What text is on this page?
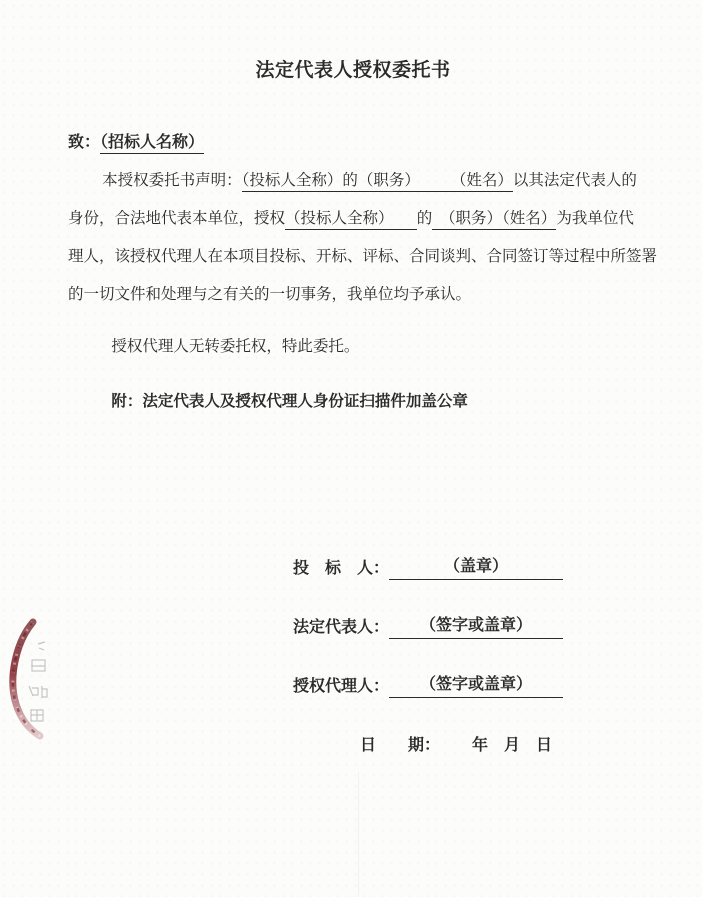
法定代表人授权委托书
致：（招标人名称）
本授权委托书声明：（投标人全称）的（职务）　　　（姓名）以其法定代表人的
身份，合法地代表本单位，授权（投标人全称）　　的　（职务）（姓名）为我单位代
理人，该授权代理人在本项目投标、开标、评标、合同谈判、合同签订等过程中所签署
的一切文件和处理与之有关的一切事务，我单位均予承认。
授权代理人无转委托权，特此委托。
附：法定代表人及授权代理人身份证扫描件加盖公章
投　标　人：	（盖章）
法定代表人： （签字或盖章）
授权代理人： （签字或盖章）
日　　期： 年　月　日
